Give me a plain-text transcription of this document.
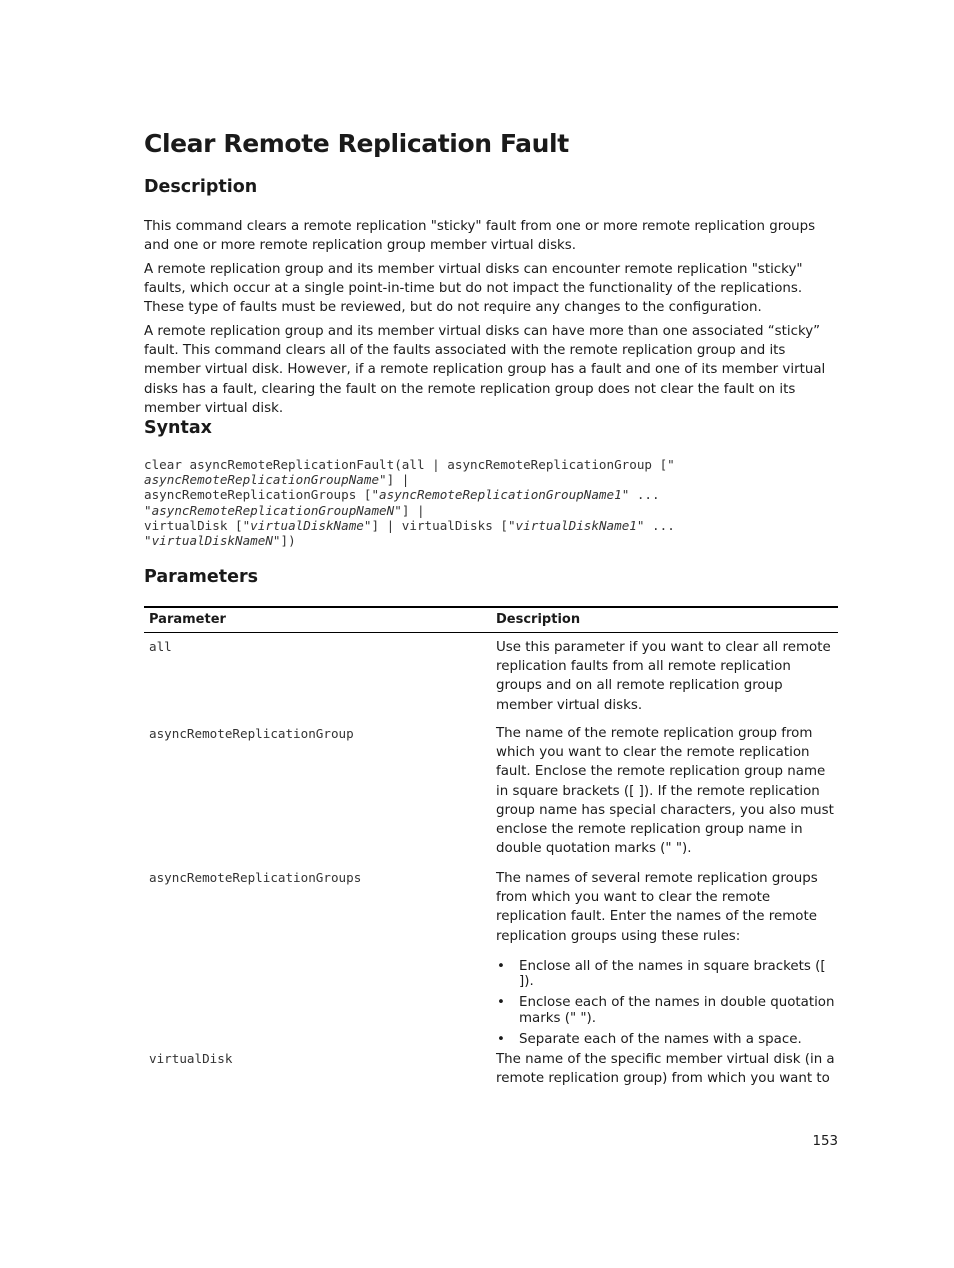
Clear Remote Replication Fault
Description

This command clears a remote replication "sticky" fault from one or more remote replication groups and one or more remote replication group member virtual disks.

A remote replication group and its member virtual disks can encounter remote replication "sticky" faults, which occur at a single point-in-time but do not impact the functionality of the replications. These type of faults must be reviewed, but do not require any changes to the configuration.

A remote replication group and its member virtual disks can have more than one associated “sticky” fault. This command clears all of the faults associated with the remote replication group and its member virtual disk. However, if a remote replication group has a fault and one of its member virtual disks has a fault, clearing the fault on the remote replication group does not clear the fault on its member virtual disk.

Syntax
clear asyncRemoteReplicationFault(all | asyncRemoteReplicationGroup ["
asyncRemoteReplicationGroupName"] |
asyncRemoteReplicationGroups ["asyncRemoteReplicationGroupName1" ...
"asyncRemoteReplicationGroupNameN"] |
virtualDisk ["virtualDiskName"] | virtualDisks ["virtualDiskName1" ...
"virtualDiskNameN"])
Parameters
Parameter	Description
all	Use this parameter if you want to clear all remote replication faults from all remote replication groups and on all remote replication group member virtual disks.

asyncRemoteReplicationGroup	The name of the remote replication group from which you want to clear the remote replication fault. Enclose the remote replication group name in square brackets ([ ]). If the remote replication group name has special characters, you also must enclose the remote replication group name in double quotation marks (" ").

asyncRemoteReplicationGroups	The names of several remote replication groups from which you want to clear the remote replication fault. Enter the names of the remote replication groups using these rules:

• Enclose all of the names in square brackets ([ ]).
• Enclose each of the names in double quotation marks (" ").
• Separate each of the names with a space.
virtualDisk	The name of the specific member virtual disk (in a remote replication group) from which you want to

153
